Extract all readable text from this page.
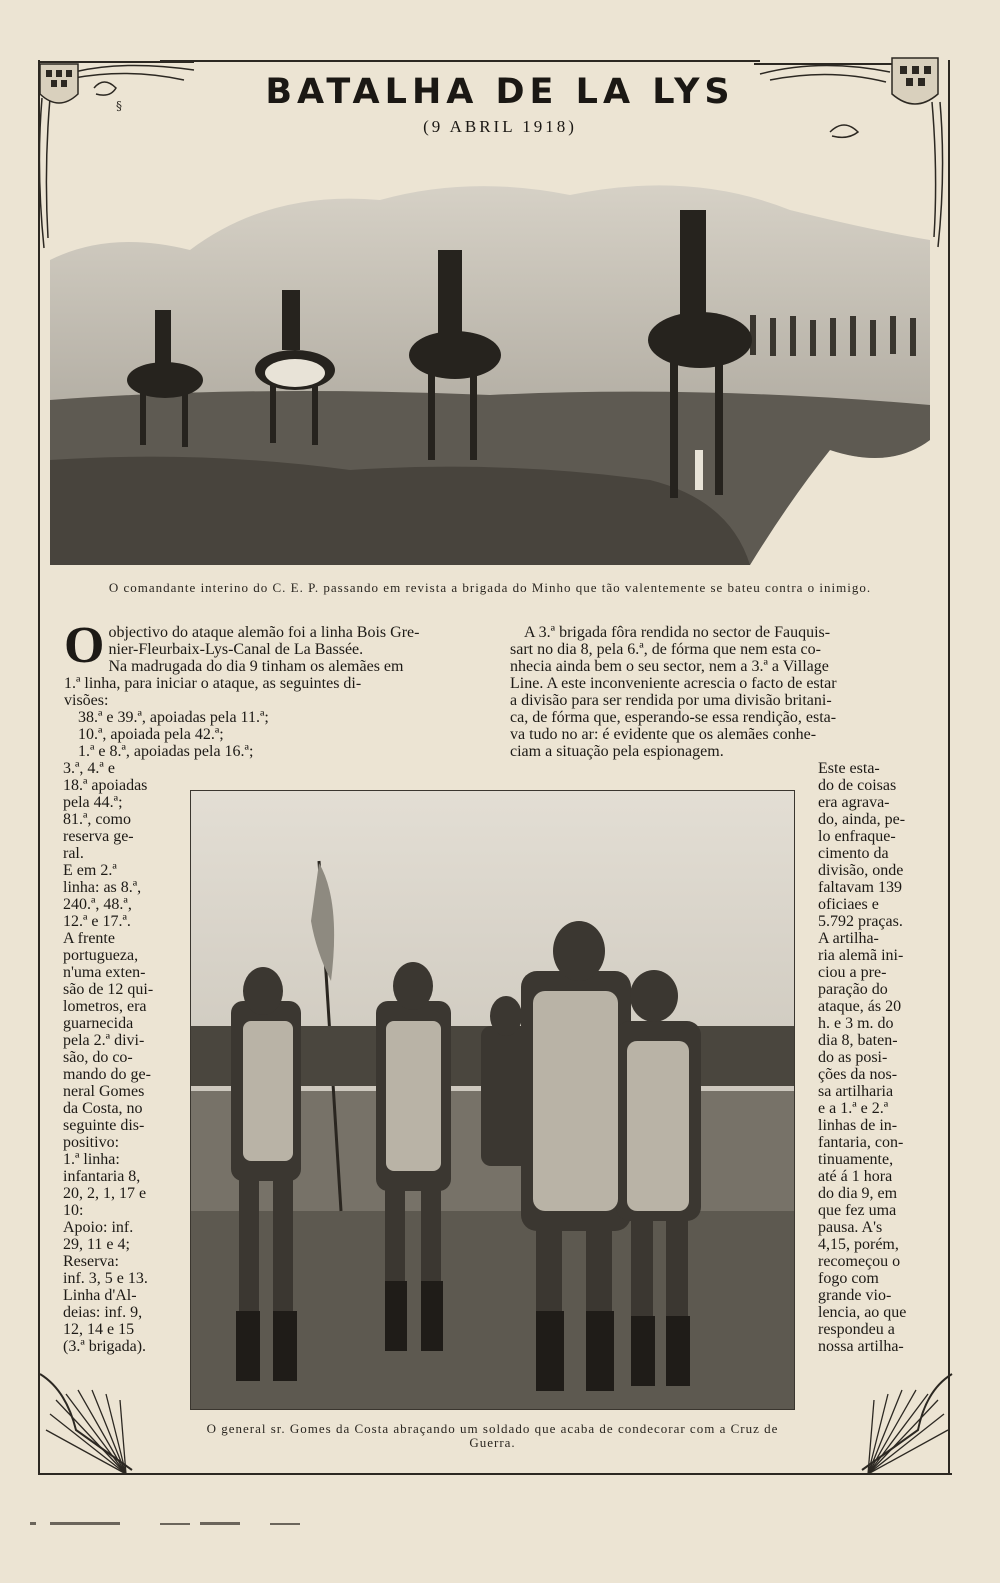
§	BATALHA DE LA LYS
(9 ABRIL 1918)
O comandante interino do C. E. P. passando em revista a brigada do Minho que tão valentemente se bateu contra o inimigo.
O objectivo do ataque alemão foi a linha Bois Gre-

nier-Fleurbaix-Lys-Canal de La Bassée.

Na madrugada do dia 9 tinham os alemães em

1.ª linha, para iniciar o ataque, as seguintes di-

visões:

38.ª e 39.ª, apoiadas pela 11.ª;

10.ª, apoiada pela 42.ª;

1.ª e 8.ª, apoiadas pela 16.ª;

3.ª, 4.ª e

18.ª apoiadas

pela 44.ª;

81.ª, como

reserva ge-

ral.

E em 2.ª

linha: as 8.ª,

240.ª, 48.ª,

12.ª e 17.ª.

A frente

portugueza,

n'uma exten-

são de 12 qui-

lometros, era

guarnecida

pela 2.ª divi-

são, do co-

mando do ge-

neral Gomes

da Costa, no

seguinte dis-

positivo:

1.ª linha:

infantaria 8,

20, 2, 1, 17 e

10:

Apoio: inf.

29, 11 e 4;

Reserva:

inf. 3, 5 e 13.

Linha d'Al-

deias: inf. 9,

12, 14 e 15

(3.ª brigada).

A 3.ª brigada fôra rendida no sector de Fauquis-

sart no dia 8, pela 6.ª, de fórma que nem esta co-

nhecia ainda bem o seu sector, nem a 3.ª a Village

Line. A este inconveniente acrescia o facto de estar

a divisão para ser rendida por uma divisão britani-

ca, de fórma que, esperando-se essa rendição, esta-

va tudo no ar: é evidente que os alemães conhe-

ciam a situação pela espionagem.

Este esta-

do de coisas

era agrava-

do, ainda, pe-

lo enfraque-

cimento da

divisão, onde

faltavam 139

oficiaes e

5.792 praças.

A artilha-

ria alemã ini-

ciou a pre-

paração do

ataque, ás 20

h. e 3 m. do

dia 8, baten-

do as posi-

ções da nos-

sa artilharia

e a 1.ª e 2.ª

linhas de in-

fantaria, con-

tinuamente,

até á 1 hora

do dia 9, em

que fez uma

pausa. A's

4,15, porém,

recomeçou o

fogo com

grande vio-

lencia, ao que

respondeu a

nossa artilha-

O general sr. Gomes da Costa abraçando um soldado que acaba de condecorar com a Cruz de Guerra.
